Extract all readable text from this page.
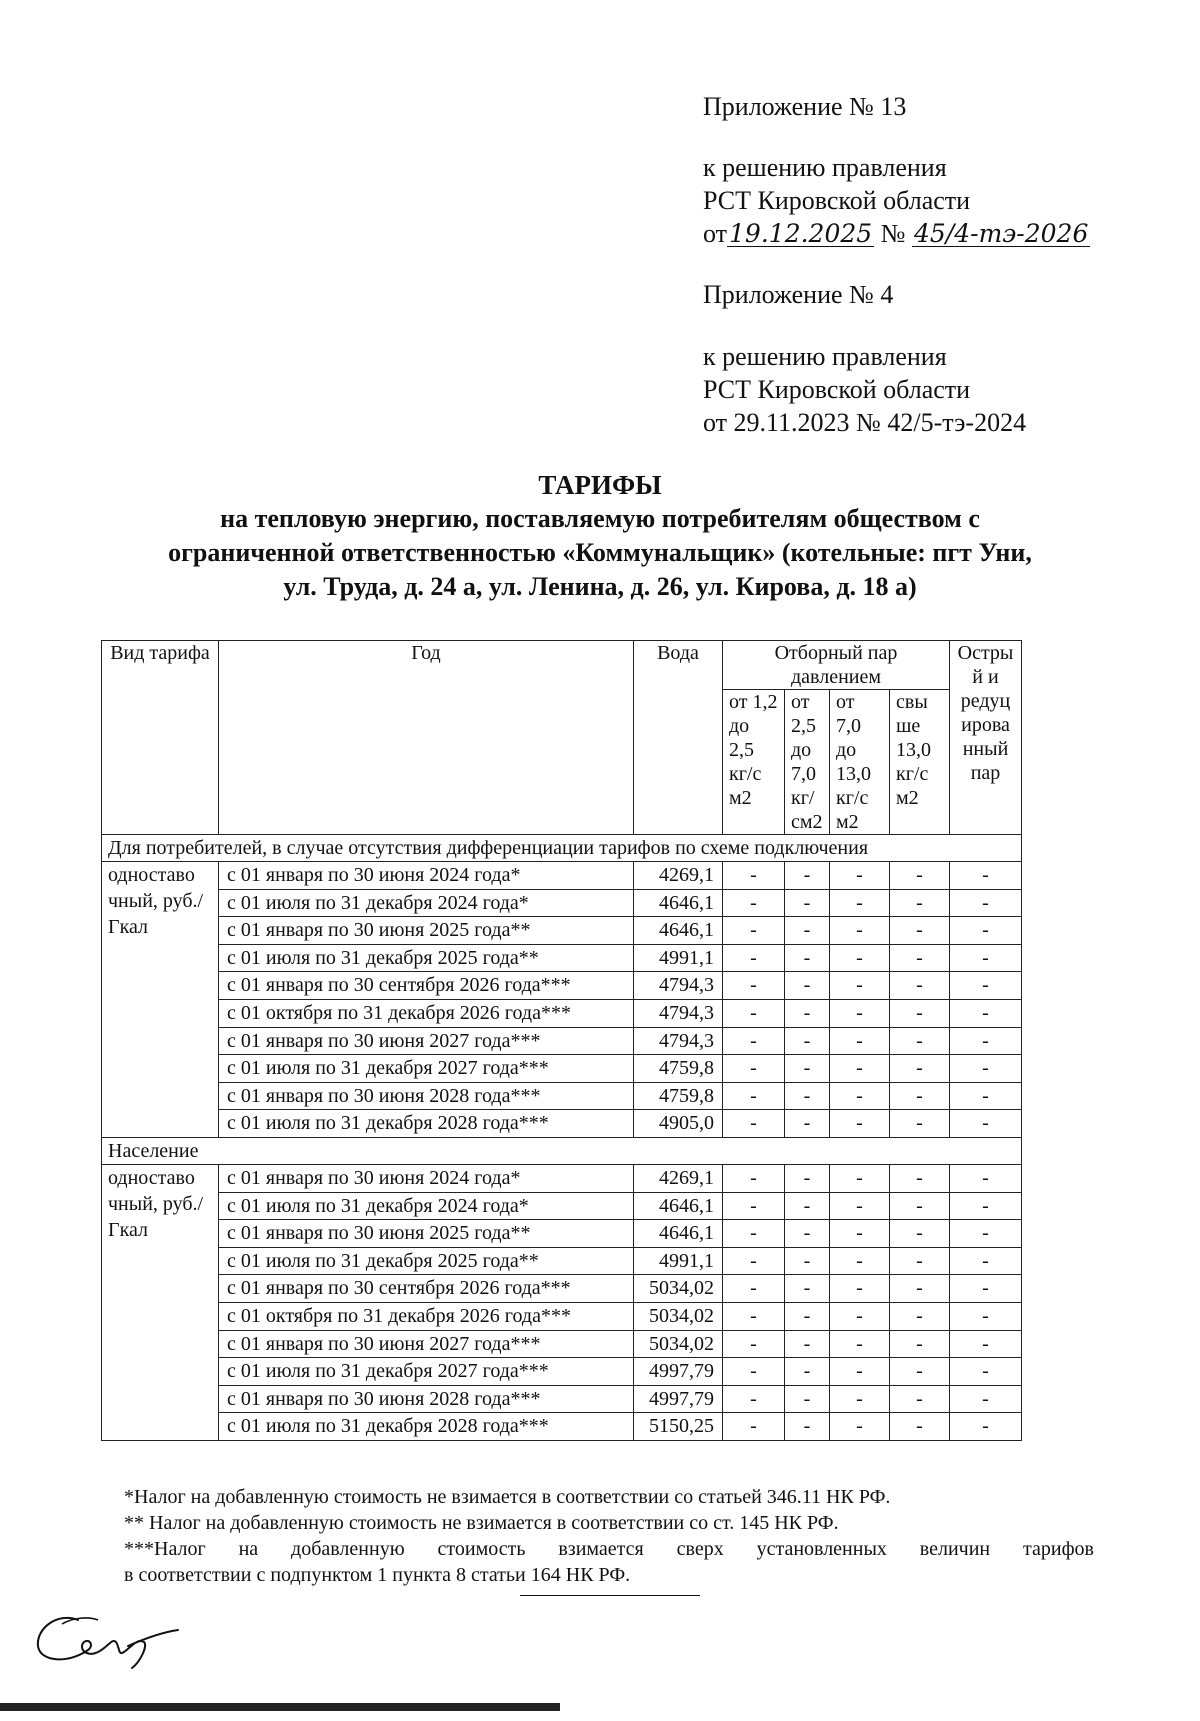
Приложение № 13
к решению правления
РСТ Кировской области
от19.12.2025 № 45/4-тэ-2026
Приложение № 4
к решению правления
РСТ Кировской области
от 29.11.2023 № 42/5-тэ-2024
ТАРИФЫ
на тепловую энергию, поставляемую потребителям обществом с
ограниченной ответственностью «Коммунальщик» (котельные: пгт Уни,
ул. Труда, д. 24 а, ул. Ленина, д. 26, ул. Кирова, д. 18 а)
Вид тарифа	Год	Вода	Отборный пар давлением				Остры й и редуц ирова нный пар
			от 1,2 до 2,5 кг/с м2	от 2,5 до 7,0 кг/ см2	от 7,0 до 13,0 кг/с м2	свы ше 13,0 кг/с м2	
Для потребителей, в случае отсутствия дифференциации тарифов по схеме подключения							
одноставо чный, руб./Гкал	с 01 января по 30 июня 2024 года*	4269,1	-	-	-	-	-
	с 01 июля по 31 декабря 2024 года*	4646,1	-	-	-	-	-
	с 01 января по 30 июня 2025 года**	4646,1	-	-	-	-	-
	с 01 июля по 31 декабря 2025 года**	4991,1	-	-	-	-	-
	с 01 января по 30 сентября 2026 года***	4794,3	-	-	-	-	-
	с 01 октября по 31 декабря 2026 года***	4794,3	-	-	-	-	-
	с 01 января по 30 июня 2027 года***	4794,3	-	-	-	-	-
	с 01 июля по 31 декабря 2027 года***	4759,8	-	-	-	-	-
	с 01 января по 30 июня 2028 года***	4759,8	-	-	-	-	-
	с 01 июля по 31 декабря 2028 года***	4905,0	-	-	-	-	-
Население							
одноставо чный, руб./Гкал	с 01 января по 30 июня 2024 года*	4269,1	-	-	-	-	-
	с 01 июля по 31 декабря 2024 года*	4646,1	-	-	-	-	-
	с 01 января по 30 июня 2025 года**	4646,1	-	-	-	-	-
	с 01 июля по 31 декабря 2025 года**	4991,1	-	-	-	-	-
	с 01 января по 30 сентября 2026 года***	5034,02	-	-	-	-	-
	с 01 октября по 31 декабря 2026 года***	5034,02	-	-	-	-	-
	с 01 января по 30 июня 2027 года***	5034,02	-	-	-	-	-
	с 01 июля по 31 декабря 2027 года***	4997,79	-	-	-	-	-
	с 01 января по 30 июня 2028 года***	4997,79	-	-	-	-	-
	с 01 июля по 31 декабря 2028 года***	5150,25	-	-	-	-	-
*Налог на добавленную стоимость не взимается в соответствии со статьей 346.11 НК РФ.
** Налог на добавленную стоимость не взимается в соответствии со ст. 145 НК РФ.
***Налог на добавленную стоимость взимается сверх установленных величин тарифов
в соответствии с подпунктом 1 пункта 8 статьи 164 НК РФ.
